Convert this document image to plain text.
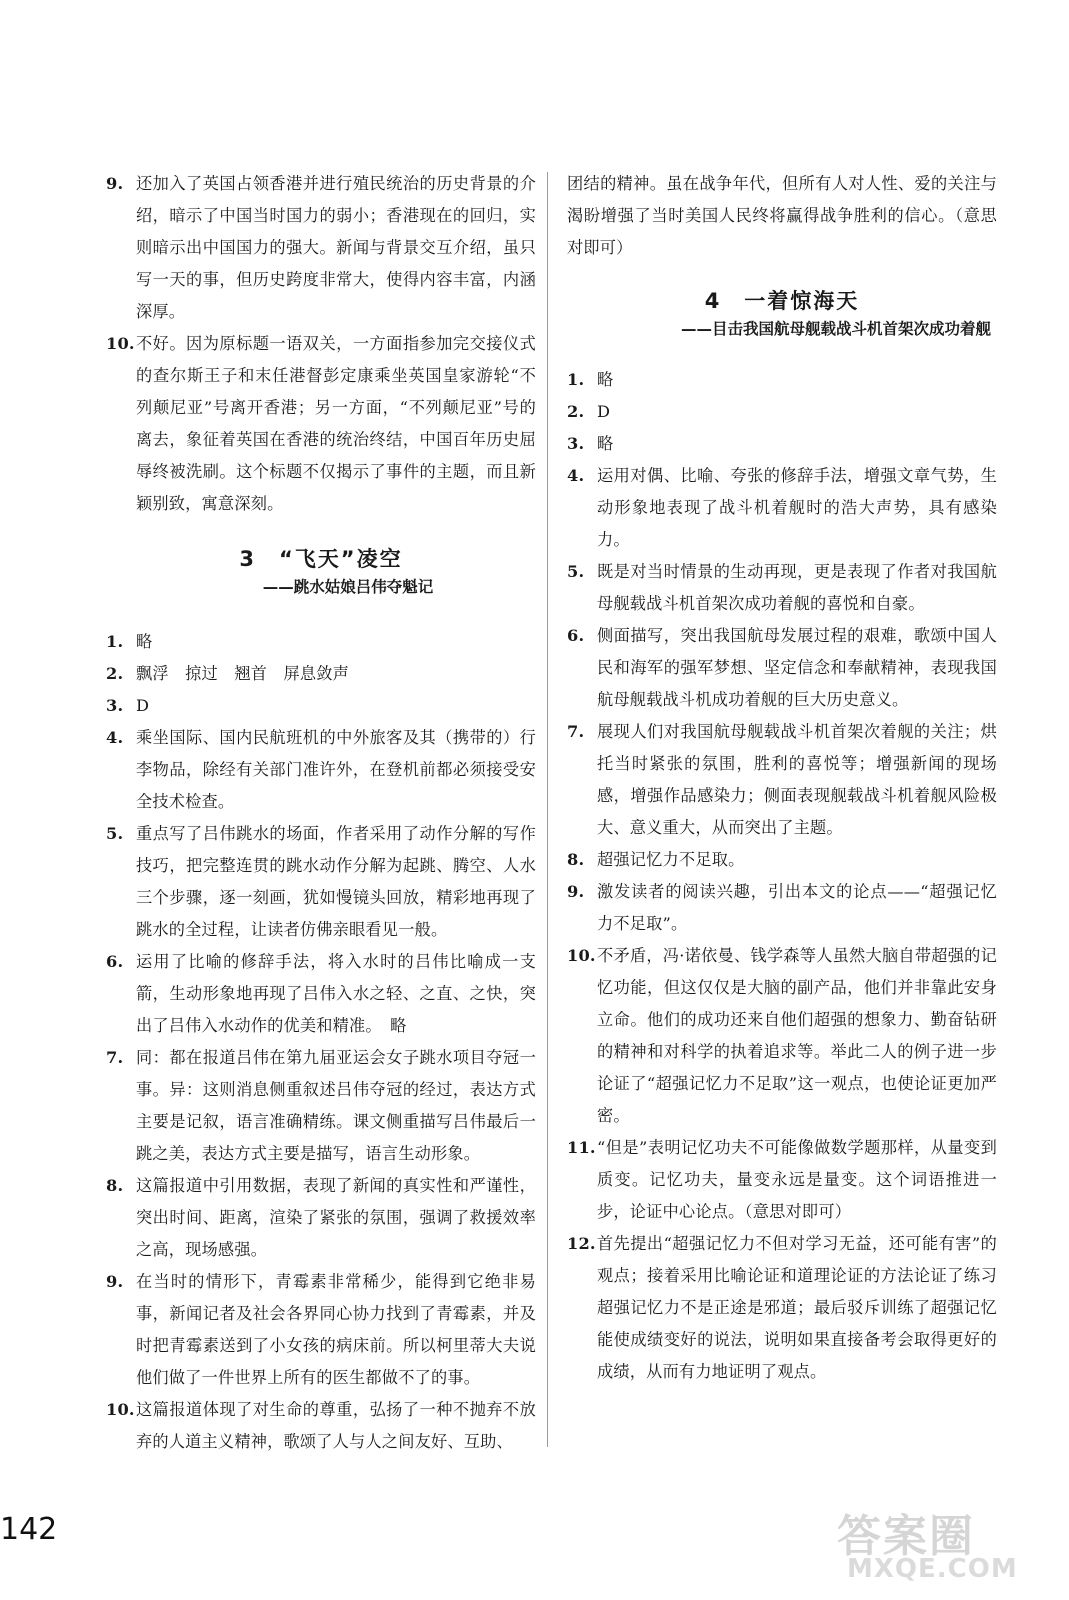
9. 还加入了英国占领香港并进行殖民统治的历史背景的介绍，暗示了中国当时国力的弱小；香港现在的回归，实则暗示出中国国力的强大。新闻与背景交互介绍，虽只写一天的事，但历史跨度非常大，使得内容丰富，内涵深厚。
10. 不好。因为原标题一语双关，一方面指参加完交接仪式的查尔斯王子和末任港督彭定康乘坐英国皇家游轮“不列颠尼亚”号离开香港；另一方面，“不列颠尼亚”号的离去，象征着英国在香港的统治终结，中国百年历史屈辱终被洗刷。这个标题不仅揭示了事件的主题，而且新颖别致，寓意深刻。
3　“飞天”凌空
——跳水姑娘吕伟夺魁记
1. 略
2. 飘浮　掠过　翘首　屏息敛声
3. D
4. 乘坐国际、国内民航班机的中外旅客及其（携带的）行李物品，除经有关部门准许外，在登机前都必须接受安全技术检查。
5. 重点写了吕伟跳水的场面，作者采用了动作分解的写作技巧，把完整连贯的跳水动作分解为起跳、腾空、人水三个步骤，逐一刻画，犹如慢镜头回放，精彩地再现了跳水的全过程，让读者仿佛亲眼看见一般。
6. 运用了比喻的修辞手法，将入水时的吕伟比喻成一支箭，生动形象地再现了吕伟入水之轻、之直、之快，突出了吕伟入水动作的优美和精准。　略
7. 同：都在报道吕伟在第九届亚运会女子跳水项目夺冠一事。异：这则消息侧重叙述吕伟夺冠的经过，表达方式主要是记叙，语言准确精练。课文侧重描写吕伟最后一跳之美，表达方式主要是描写，语言生动形象。
8. 这篇报道中引用数据，表现了新闻的真实性和严谨性，突出时间、距离，渲染了紧张的氛围，强调了救援效率之高，现场感强。
9. 在当时的情形下，青霉素非常稀少，能得到它绝非易事，新闻记者及社会各界同心协力找到了青霉素，并及时把青霉素送到了小女孩的病床前。所以柯里蒂大夫说他们做了一件世界上所有的医生都做不了的事。
10. 这篇报道体现了对生命的尊重，弘扬了一种不抛弃不放弃的人道主义精神，歌颂了人与人之间友好、互助、
团结的精神。虽在战争年代，但所有人对人性、爱的关注与渴盼增强了当时美国人民终将赢得战争胜利的信心。（意思对即可）
4　一着惊海天
——目击我国航母舰载战斗机首架次成功着舰
1. 略
2. D
3. 略
4. 运用对偶、比喻、夸张的修辞手法，增强文章气势，生动形象地表现了战斗机着舰时的浩大声势，具有感染力。
5. 既是对当时情景的生动再现，更是表现了作者对我国航母舰载战斗机首架次成功着舰的喜悦和自豪。
6. 侧面描写，突出我国航母发展过程的艰难，歌颂中国人民和海军的强军梦想、坚定信念和奉献精神，表现我国航母舰载战斗机成功着舰的巨大历史意义。
7. 展现人们对我国航母舰载战斗机首架次着舰的关注；烘托当时紧张的氛围，胜利的喜悦等；增强新闻的现场感，增强作品感染力；侧面表现舰载战斗机着舰风险极大、意义重大，从而突出了主题。
8. 超强记忆力不足取。
9. 激发读者的阅读兴趣，引出本文的论点——“超强记忆力不足取”。
10. 不矛盾，冯·诺依曼、钱学森等人虽然大脑自带超强的记忆功能，但这仅仅是大脑的副产品，他们并非靠此安身立命。他们的成功还来自他们超强的想象力、勤奋钻研的精神和对科学的执着追求等。举此二人的例子进一步论证了“超强记忆力不足取”这一观点，也使论证更加严密。
11. “但是”表明记忆功夫不可能像做数学题那样，从量变到质变。记忆功夫，量变永远是量变。这个词语推进一步，论证中心论点。（意思对即可）
12. 首先提出“超强记忆力不但对学习无益，还可能有害”的观点；接着采用比喻论证和道理论证的方法论证了练习超强记忆力不是正途是邪道；最后驳斥训练了超强记忆能使成绩变好的说法，说明如果直接备考会取得更好的成绩，从而有力地证明了观点。
142	答案圈
MXQE.COM
